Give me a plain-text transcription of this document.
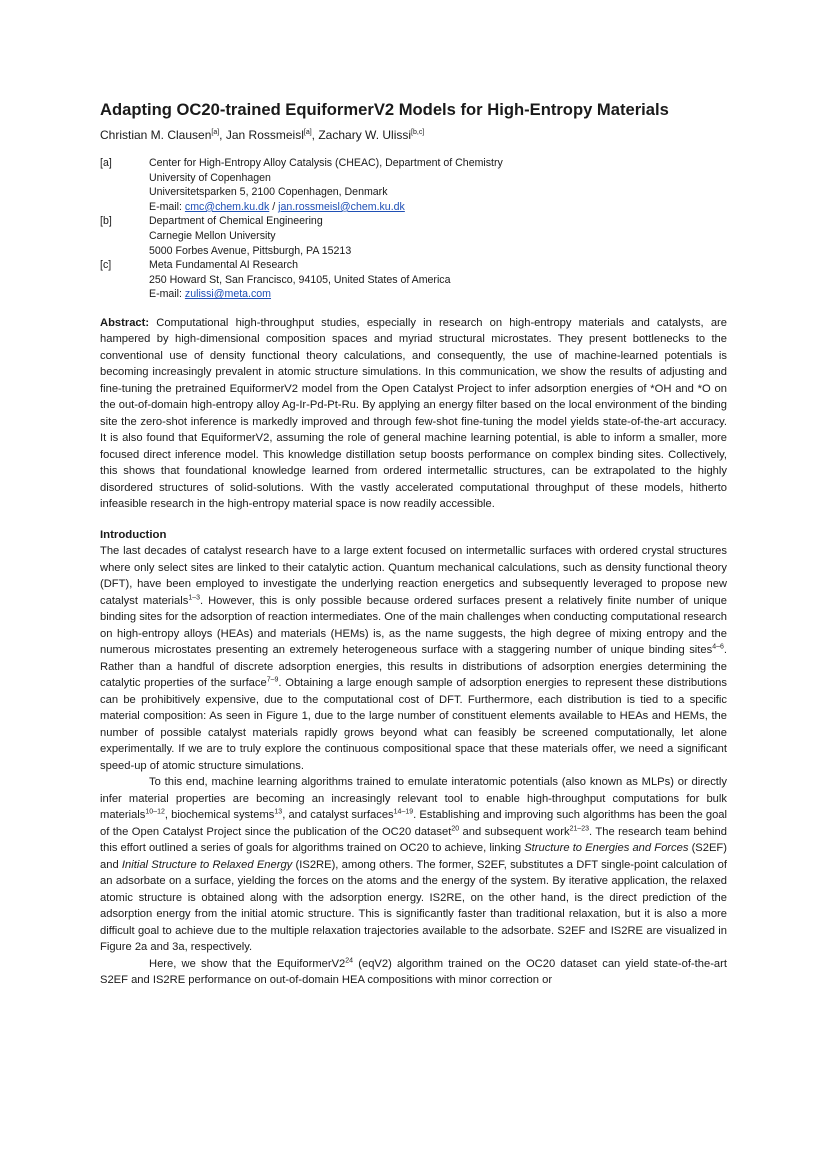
Adapting OC20-trained EquiformerV2 Models for High-Entropy Materials
Christian M. Clausen[a], Jan Rossmeisl[a], Zachary W. Ulissi[b,c]
[a]	Center for High-Entropy Alloy Catalysis (CHEAC), Department of Chemistry
University of Copenhagen
Universitetsparken 5, 2100 Copenhagen, Denmark
E-mail: cmc@chem.ku.dk / jan.rossmeisl@chem.ku.dk
[b]	Department of Chemical Engineering
Carnegie Mellon University
5000 Forbes Avenue, Pittsburgh, PA 15213
[c]	Meta Fundamental AI Research
250 Howard St, San Francisco, 94105, United States of America
E-mail: zulissi@meta.com

Abstract: Computational high-throughput studies, especially in research on high-entropy materials and catalysts, are hampered by high-dimensional composition spaces and myriad structural microstates. They present bottlenecks to the conventional use of density functional theory calculations, and consequently, the use of machine-learned potentials is becoming increasingly prevalent in atomic structure simulations. In this communication, we show the results of adjusting and fine-tuning the pretrained EquiformerV2 model from the Open Catalyst Project to infer adsorption energies of *OH and *O on the out-of-domain high-entropy alloy Ag-Ir-Pd-Pt-Ru. By applying an energy filter based on the local environment of the binding site the zero-shot inference is markedly improved and through few-shot fine-tuning the model yields state-of-the-art accuracy. It is also found that EquiformerV2, assuming the role of general machine learning potential, is able to inform a smaller, more focused direct inference model. This knowledge distillation setup boosts performance on complex binding sites. Collectively, this shows that foundational knowledge learned from ordered intermetallic structures, can be extrapolated to the highly disordered structures of solid-solutions. With the vastly accelerated computational throughput of these models, hitherto infeasible research in the high-entropy material space is now readily accessible.

Introduction

The last decades of catalyst research have to a large extent focused on intermetallic surfaces with ordered crystal structures where only select sites are linked to their catalytic action. Quantum mechanical calculations, such as density functional theory (DFT), have been employed to investigate the underlying reaction energetics and subsequently leveraged to propose new catalyst materials$^{1-3}$. However, this is only possible because ordered surfaces present a relatively finite number of unique binding sites for the adsorption of reaction intermediates. One of the main challenges when conducting computational research on high-entropy alloys (HEAs) and materials (HEMs) is, as the name suggests, the high degree of mixing entropy and the numerous microstates presenting an extremely heterogeneous surface with a staggering number of unique binding sites$^{4-6}$. Rather than a handful of discrete adsorption energies, this results in distributions of adsorption energies determining the catalytic properties of the surface$^{7-9}$. Obtaining a large enough sample of adsorption energies to represent these distributions can be prohibitively expensive, due to the computational cost of DFT. Furthermore, each distribution is tied to a specific material composition: As seen in Figure 1, due to the large number of constituent elements available to HEAs and HEMs, the number of possible catalyst materials rapidly grows beyond what can feasibly be screened computationally, let alone experimentally. If we are to truly explore the continuous compositional space that these materials offer, we need a significant speed-up of atomic structure simulations.

To this end, machine learning algorithms trained to emulate interatomic potentials (also known as MLPs) or directly infer material properties are becoming an increasingly relevant tool to enable high-throughput computations for bulk materials$^{10-12}$, biochemical systems$^{13}$, and catalyst surfaces$^{14-19}$. Establishing and improving such algorithms has been the goal of the Open Catalyst Project since the publication of the OC20 dataset$^{20}$ and subsequent work$^{21-23}$. The research team behind this effort outlined a series of goals for algorithms trained on OC20 to achieve, linking Structure to Energies and Forces (S2EF) and Initial Structure to Relaxed Energy (IS2RE), among others. The former, S2EF, substitutes a DFT single-point calculation of an adsorbate on a surface, yielding the forces on the atoms and the energy of the system. By iterative application, the relaxed atomic structure is obtained along with the adsorption energy. IS2RE, on the other hand, is the direct prediction of the adsorption energy from the initial atomic structure. This is significantly faster than traditional relaxation, but it is also a more difficult goal to achieve due to the multiple relaxation trajectories available to the adsorbate. S2EF and IS2RE are visualized in Figure 2a and 3a, respectively.

Here, we show that the $EquiformerV2^{24}$ (eqV2) algorithm trained on the OC20 dataset can yield state-of-the-art S2EF and IS2RE performance on out-of-domain HEA compositions with minor correction or
